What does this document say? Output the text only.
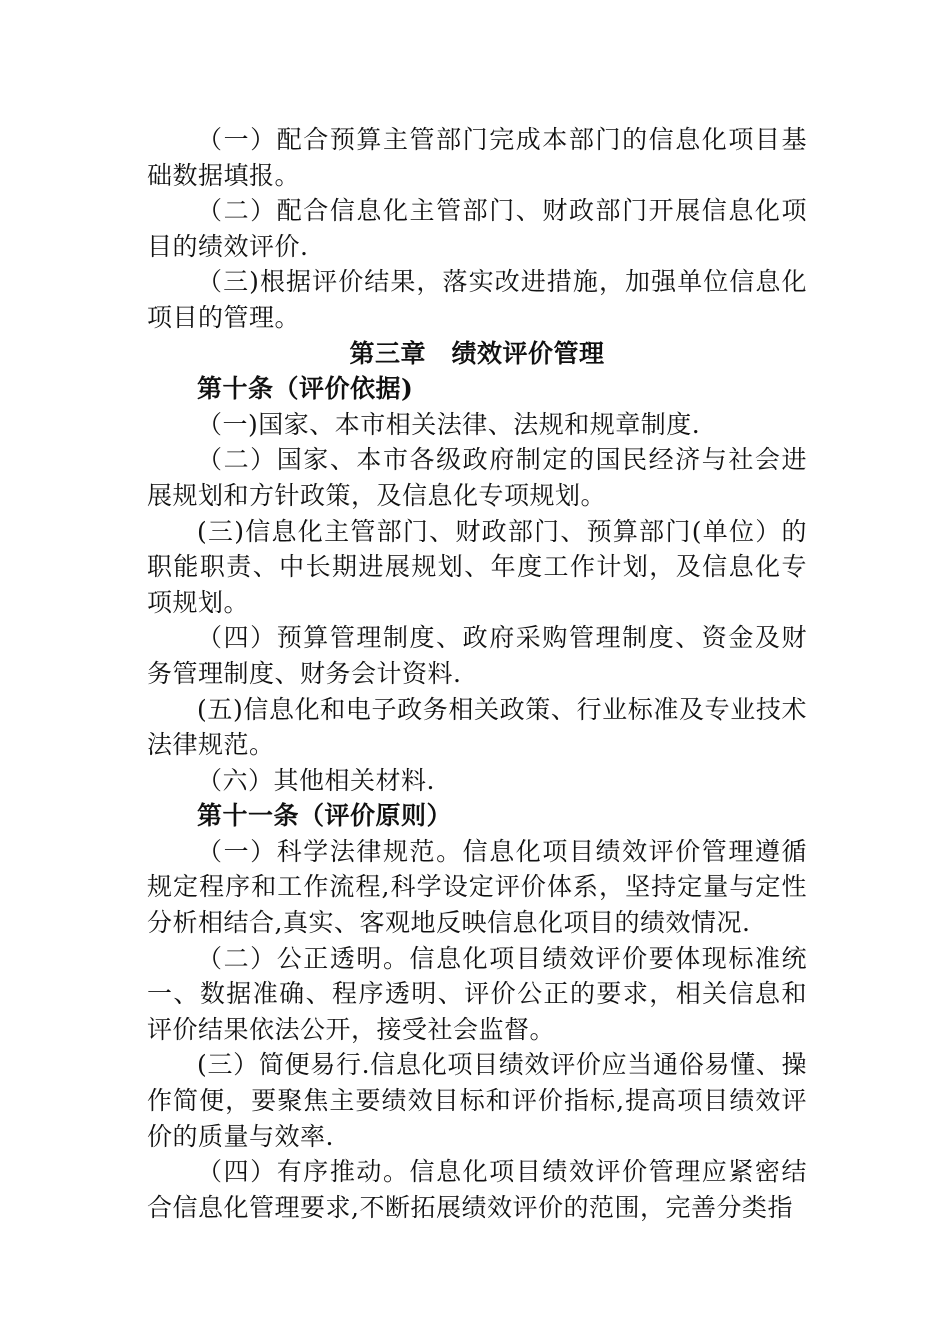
（一）配合预算主管部门完成本部门的信息化项目基础数据填报。

（二）配合信息化主管部门、财政部门开展信息化项目的绩效评价.

（三)根据评价结果，落实改进措施，加强单位信息化项目的管理。

第三章　绩效评价管理

第十条（评价依据)

（一)国家、本市相关法律、法规和规章制度.

（二）国家、本市各级政府制定的国民经济与社会进展规划和方针政策，及信息化专项规划。

(三)信息化主管部门、财政部门、预算部门(单位）的职能职责、中长期进展规划、年度工作计划，及信息化专项规划。

（四）预算管理制度、政府采购管理制度、资金及财务管理制度、财务会计资料.

(五)信息化和电子政务相关政策、行业标准及专业技术法律规范。

（六）其他相关材料.

第十一条（评价原则）

（一）科学法律规范。信息化项目绩效评价管理遵循规定程序和工作流程,科学设定评价体系，坚持定量与定性分析相结合,真实、客观地反映信息化项目的绩效情况.

（二）公正透明。信息化项目绩效评价要体现标准统一、数据准确、程序透明、评价公正的要求，相关信息和评价结果依法公开，接受社会监督。

(三）简便易行.信息化项目绩效评价应当通俗易懂、操作简便，要聚焦主要绩效目标和评价指标,提高项目绩效评价的质量与效率.

（四）有序推动。信息化项目绩效评价管理应紧密结合信息化管理要求,不断拓展绩效评价的范围，完善分类指
